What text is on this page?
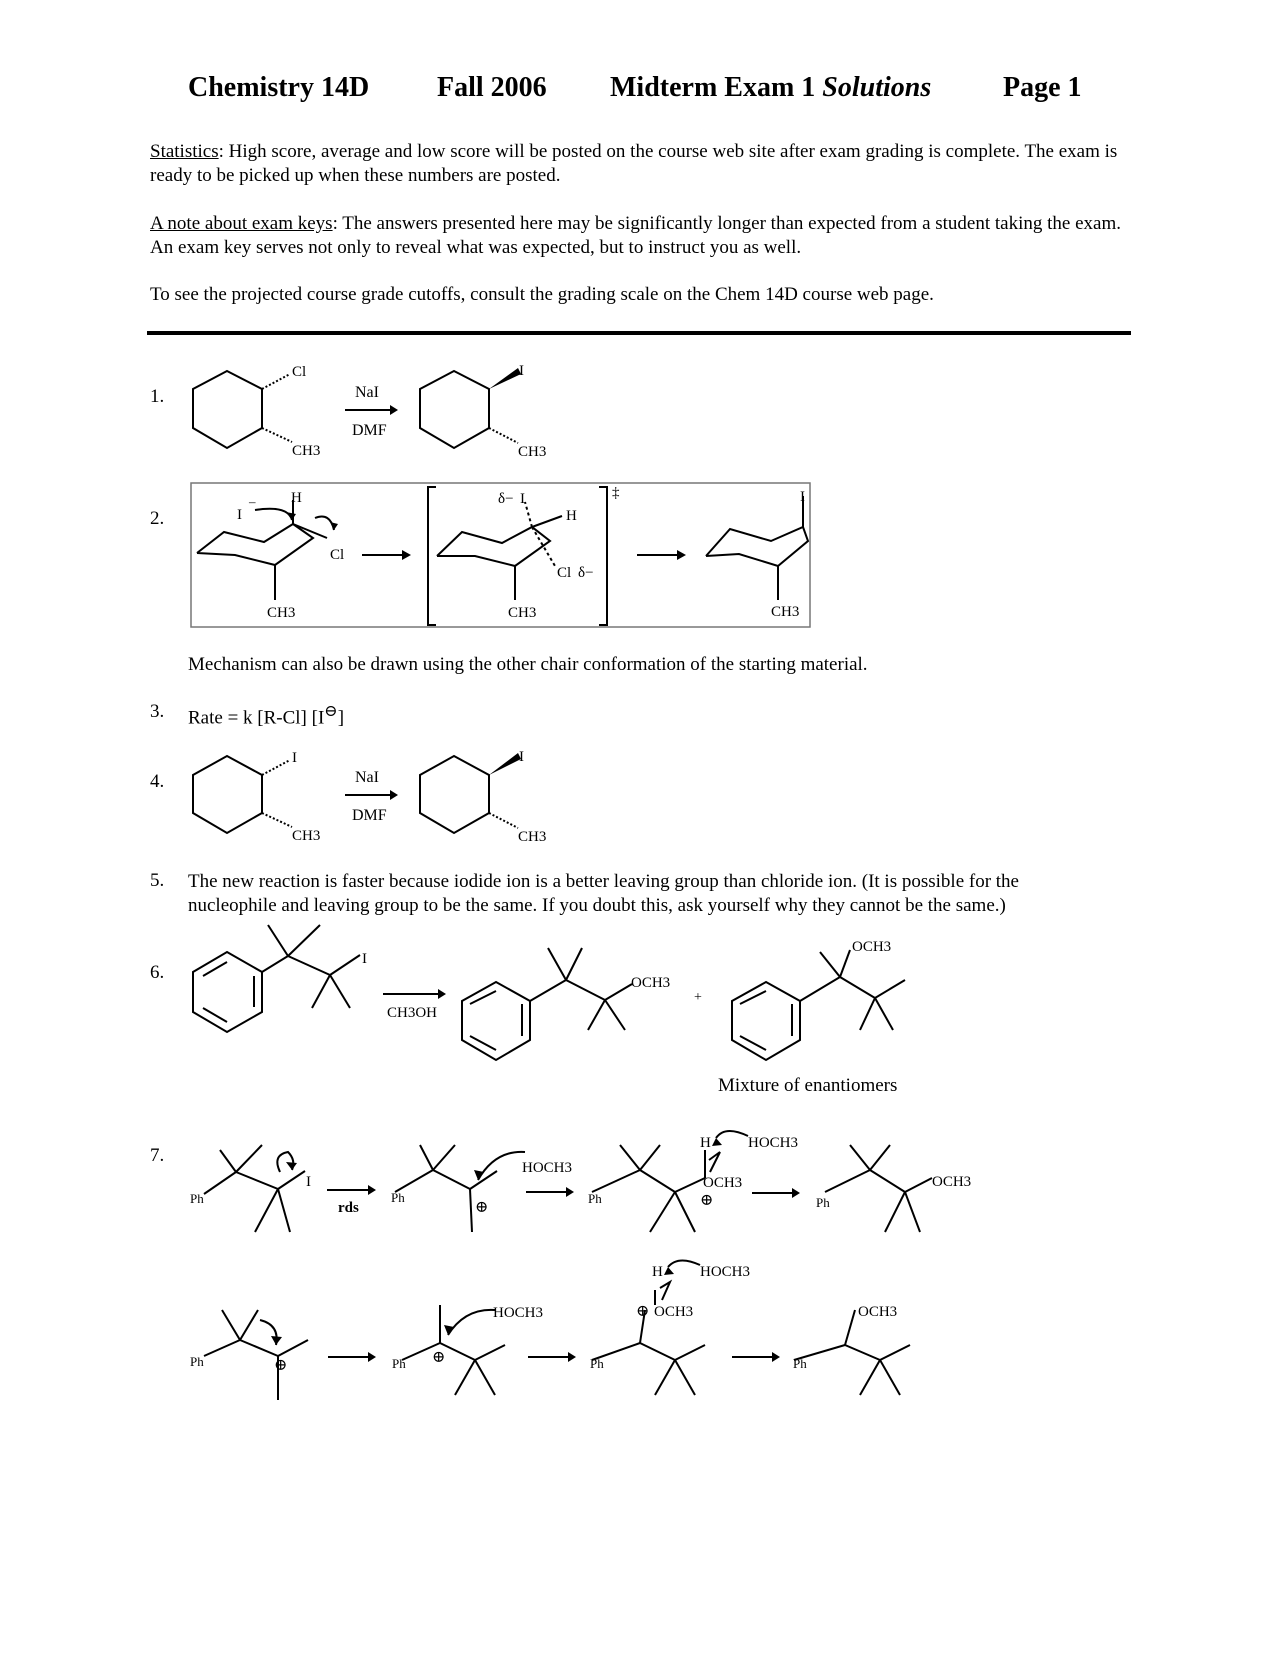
Chemistry 14D Fall 2006 Midterm Exam 1 Solutions	Page 1
Statistics: High score, average and low score will be posted on the course web site after exam grading is complete. The exam is ready to be picked up when these numbers are posted.
A note about exam keys: The answers presented here may be significantly longer than expected from a student taking the exam. An exam key serves not only to reveal what was expected, but to instruct you as well.
To see the projected course grade cutoffs, consult the grading scale on the Chem 14D course web page.
1.
2.
3.
4.
5.
6.
7.
Cl
CH3
NaI
DMF
I
CH3
H
I
–
Cl
CH3
‡
δ− I
H
Cl δ−
CH3
I
CH3
Mechanism can also be drawn using the other chair conformation of the starting material.
Rate = k [R-Cl] [I⊖]
I
CH3
NaI
DMF
I
CH3
The new reaction is faster because iodide ion is a better leaving group than chloride ion. (It is possible for the nucleophile and leaving group to be the same. If you doubt this, ask yourself why they cannot be the same.)
I
CH3OH
OCH3
+
OCH3
Mixture of enantiomers
Ph
I
rds
Ph
⊕
HOCH3
Ph
H HOCH3
OCH3
⊕	Ph
OCH3
Ph	⊕	Ph ⊕
HOCH3
Ph
H HOCH3
⊕ OCH3
Ph
OCH3
